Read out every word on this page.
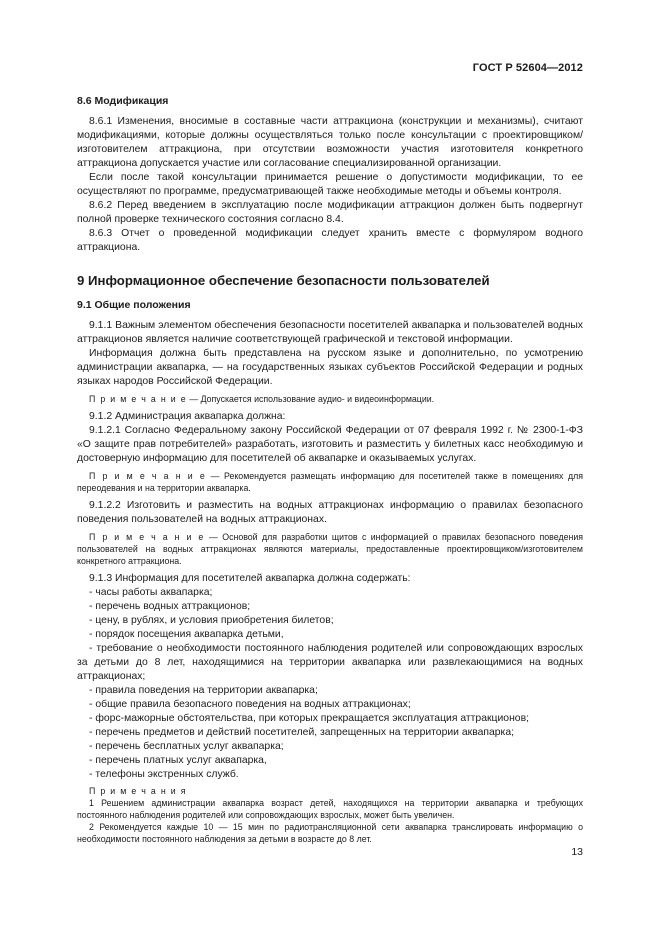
ГОСТ Р 52604—2012

8.6 Модификация

8.6.1 Изменения, вносимые в составные части аттракциона (конструкции и механизмы), считают модификациями, которые должны осуществляться только после консультации с проектировщиком/изготовителем аттракциона, при отсутствии возможности участия изготовителя конкретного аттракциона допускается участие или согласование специализированной организации.

Если после такой консультации принимается решение о допустимости модификации, то ее осуществляют по программе, предусматривающей также необходимые методы и объемы контроля.

8.6.2 Перед введением в эксплуатацию после модификации аттракцион должен быть подвергнут полной проверке технического состояния согласно 8.4.

8.6.3 Отчет о проведенной модификации следует хранить вместе с формуляром водного аттракциона.

9 Информационное обеспечение безопасности пользователей

9.1 Общие положения

9.1.1 Важным элементом обеспечения безопасности посетителей аквапарка и пользователей водных аттракционов является наличие соответствующей графической и текстовой информации.

Информация должна быть представлена на русском языке и дополнительно, по усмотрению администрации аквапарка, — на государственных языках субъектов Российской Федерации и родных языках народов Российской Федерации.

П р и м е ч а н и е — Допускается использование аудио- и видеоинформации.

9.1.2 Администрация аквапарка должна:

9.1.2.1 Согласно Федеральному закону Российской Федерации от 07 февраля 1992 г. № 2300-1-ФЗ «О защите прав потребителей» разработать, изготовить и разместить у билетных касс необходимую и достоверную информацию для посетителей об аквапарке и оказываемых услугах.

П р и м е ч а н и е — Рекомендуется размещать информацию для посетителей также в помещениях для переодевания и на территории аквапарка.

9.1.2.2 Изготовить и разместить на водных аттракционах информацию о правилах безопасного поведения пользователей на водных аттракционах.

П р и м е ч а н и е — Основой для разработки щитов с информацией о правилах безопасного поведения пользователей на водных аттракционах являются материалы, предоставленные проектировщиком/изготовителем конкретного аттракциона.

9.1.3 Информация для посетителей аквапарка должна содержать:

- часы работы аквапарка;

- перечень водных аттракционов;

- цену, в рублях, и условия приобретения билетов;

- порядок посещения аквапарка детьми,

- требование о необходимости постоянного наблюдения родителей или сопровождающих взрослых за детьми до 8 лет, находящимися на территории аквапарка или развлекающимися на водных аттракционах;

- правила поведения на территории аквапарка;

- общие правила безопасного поведения на водных аттракционах;

- форс-мажорные обстоятельства, при которых прекращается эксплуатация аттракционов;

- перечень предметов и действий посетителей, запрещенных на территории аквапарка;

- перечень бесплатных услуг аквапарка;

- перечень платных услуг аквапарка,

- телефоны экстренных служб.

П р и м е ч а н и я

1 Решением администрации аквапарка возраст детей, находящихся на территории аквапарка и требующих постоянного наблюдения родителей или сопровождающих взрослых, может быть увеличен.

2 Рекомендуется каждые 10 — 15 мин по радиотрансляционной сети аквапарка транслировать информацию о необходимости постоянного наблюдения за детьми в возрасте до 8 лет.

13
